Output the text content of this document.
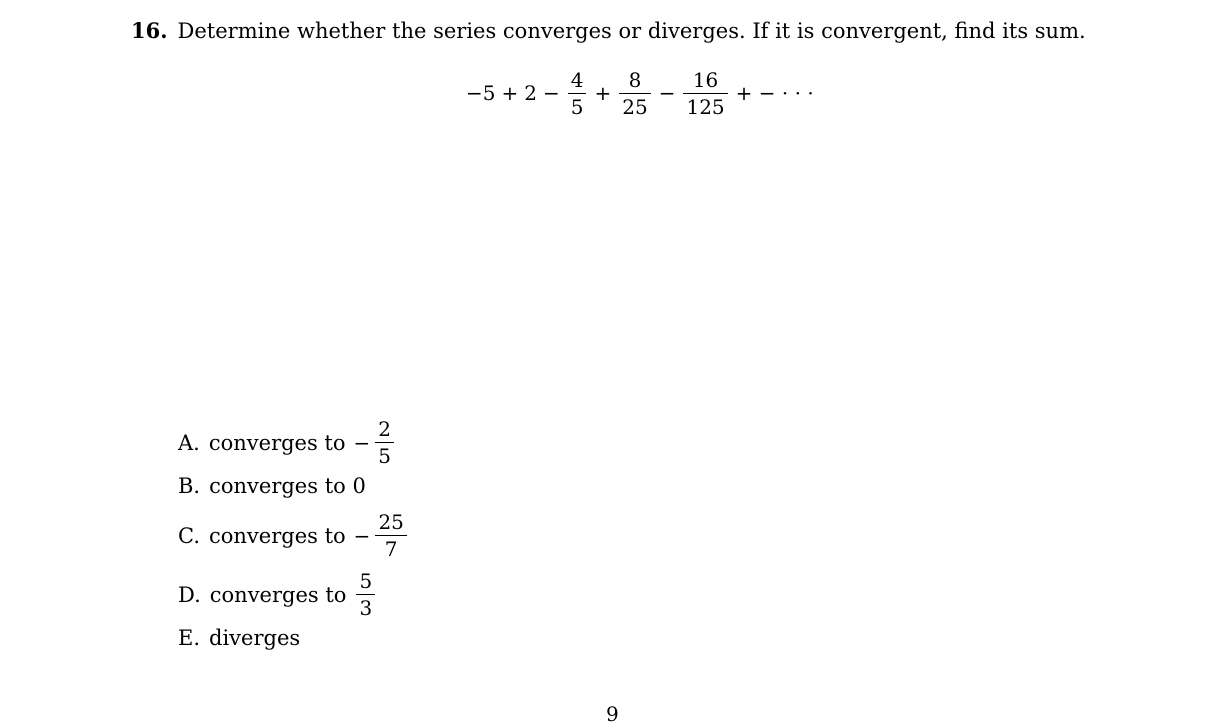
16. Determine whether the series converges or diverges. If it is convergent, find its sum.
$-5 + 2 - \frac{4}{5} + \frac{8}{25} - \frac{16}{125}$ + − · · ·
A. converges to − $\frac{2}{5}$
B. converges to 0
C. converges to − $\frac{25}{7}$
D. converges to $\frac{5}{3}$
E. diverges
9
